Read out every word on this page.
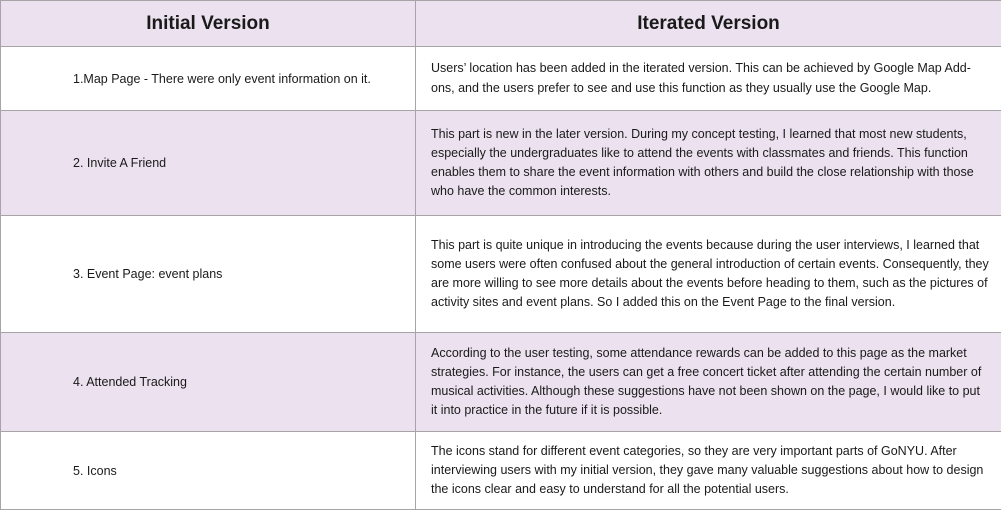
Initial Version	Iterated Version
1.Map Page - There were only event information on it.	Users’ location has been added in the iterated version. This can be achieved by Google Map Add-ons, and the users prefer to see and use this function as they usually use the Google Map.
2. Invite A Friend	This part is new in the later version. During my concept testing, I learned that most new students, especially the undergraduates like to attend the events with classmates and friends. This function enables them to share the event information with others and build the close relationship with those who have the common interests.
3. Event Page: event plans	This part is quite unique in introducing the events because during the user interviews, I learned that some users were often confused about the general introduction of certain events. Consequently, they are more willing to see more details about the events before heading to them, such as the pictures of activity sites and event plans. So I added this on the Event Page to the final version.
4. Attended Tracking	According to the user testing, some attendance rewards can be added to this page as the market strategies. For instance, the users can get a free concert ticket after attending the certain number of musical activities. Although these suggestions have not been shown on the page, I would like to put it into practice in the future if it is possible.
5. Icons	The icons stand for different event categories, so they are very important parts of GoNYU. After interviewing users with my initial version, they gave many valuable suggestions about how to design the icons clear and easy to understand for all the potential users.
